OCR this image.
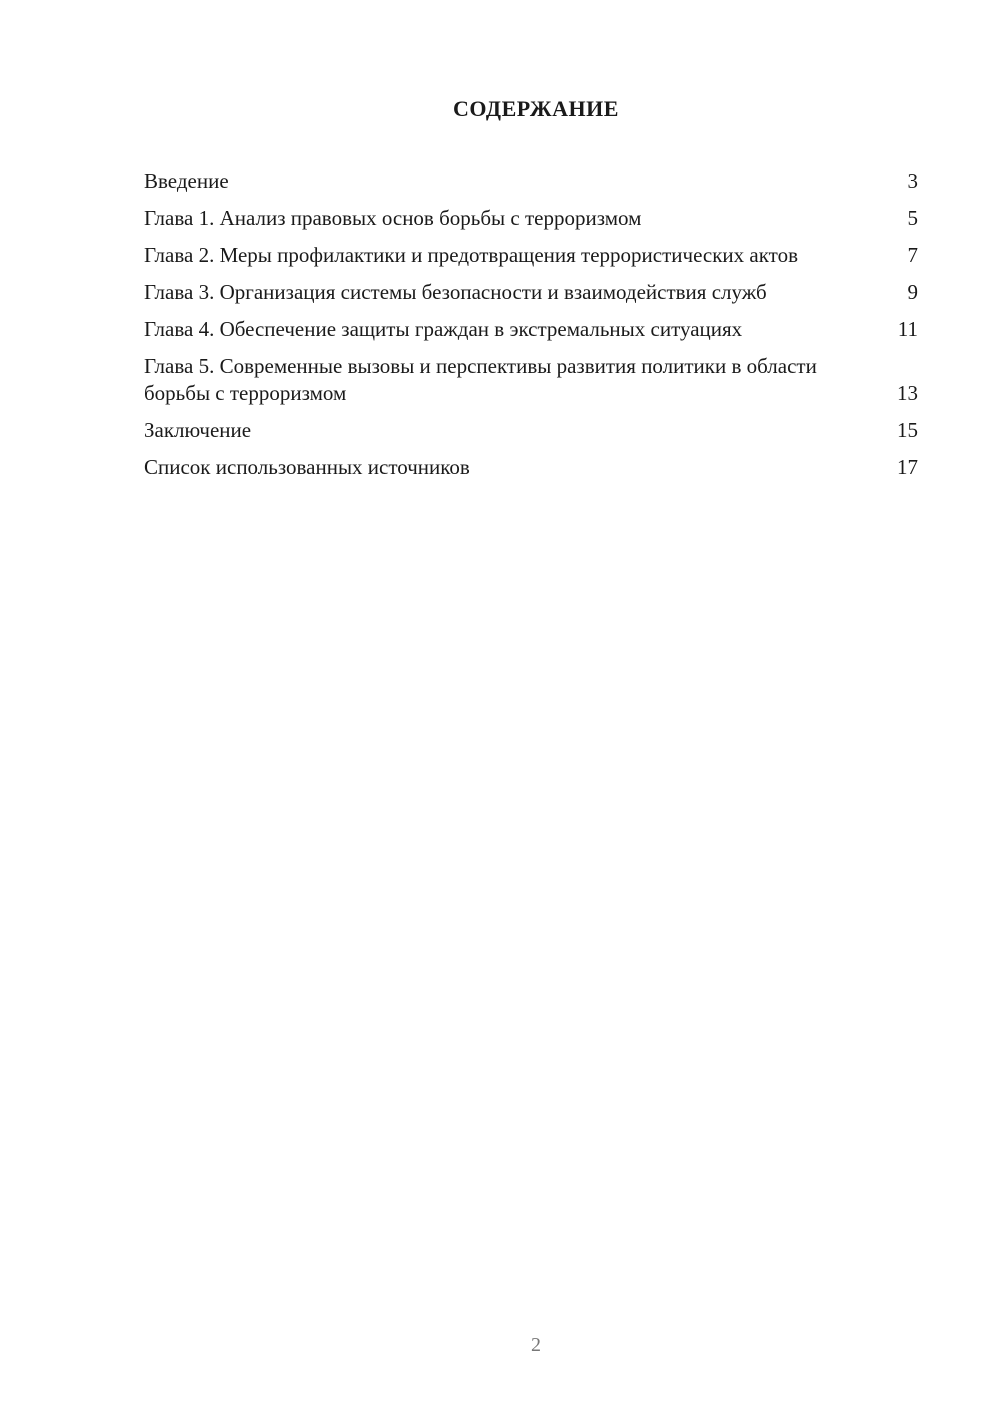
СОДЕРЖАНИЕ
Введение	3
Глава 1. Анализ правовых основ борьбы с терроризмом	5
Глава 2. Меры профилактики и предотвращения террористических актов	7
Глава 3. Организация системы безопасности и взаимодействия служб	9
Глава 4. Обеспечение защиты граждан в экстремальных ситуациях	11
Глава 5. Современные вызовы и перспективы развития политики в области борьбы с терроризмом	13
Заключение	15
Список использованных источников	17
2
